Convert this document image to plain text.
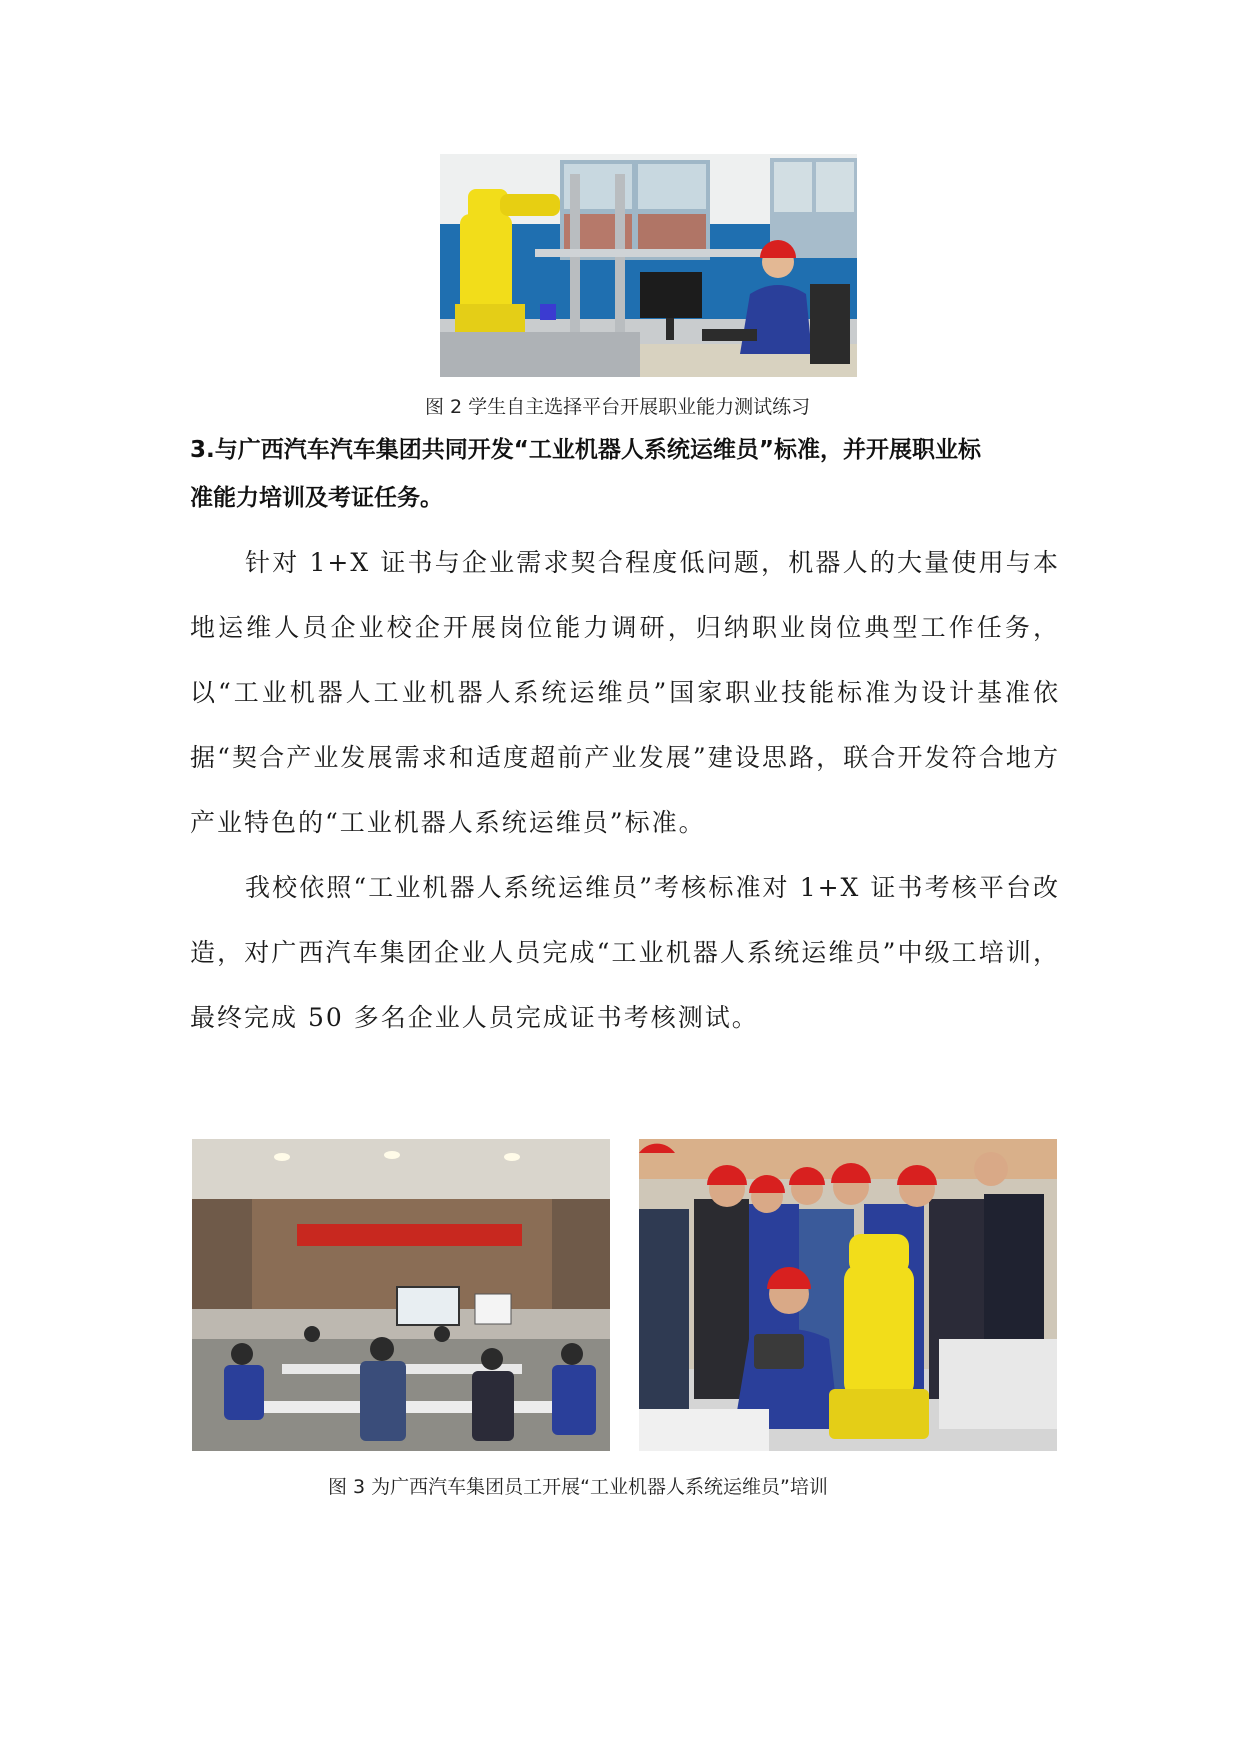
图 2 学生自主选择平台开展职业能力测试练习
3.与广西汽车汽车集团共同开发“工业机器人系统运维员”标准，并开展职业标
准能力培训及考证任务。

针对 1+X 证书与企业需求契合程度低问题，机器人的大量使用与本地运维人员企业校企开展岗位能力调研，归纳职业岗位典型工作任务，以“工业机器人工业机器人系统运维员”国家职业技能标准为设计基准依据“契合产业发展需求和适度超前产业发展”建设思路，联合开发符合地方产业特色的“工业机器人系统运维员”标准。

我校依照“工业机器人系统运维员”考核标准对 1+X 证书考核平台改造，对广西汽车集团企业人员完成“工业机器人系统运维员”中级工培训，最终完成 50 多名企业人员完成证书考核测试。

图 3 为广西汽车集团员工开展“工业机器人系统运维员”培训
